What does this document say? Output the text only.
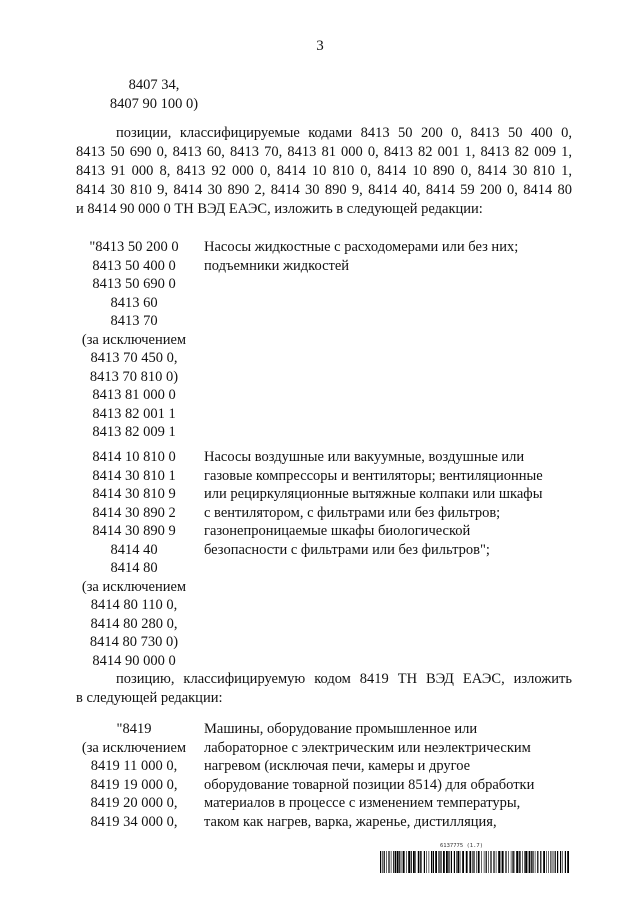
3
8407 34,
8407 90 100 0)
позиции, классифицируемые кодами 8413 50 200 0, 8413 50 400 0,
8413 50 690 0, 8413 60, 8413 70, 8413 81 000 0, 8413 82 001 1, 8413 82 009 1,
8413 91 000 8, 8413 92 000 0, 8414 10 810 0, 8414 10 890 0, 8414 30 810 1,
8414 30 810 9, 8414 30 890 2, 8414 30 890 9, 8414 40, 8414 59 200 0, 8414 80
и 8414 90 000 0 ТН ВЭД ЕАЭС, изложить в следующей редакции:
"8413 50 200 0
8413 50 400 0
8413 50 690 0
8413 60
8413 70
(за исключением
8413 70 450 0,
8413 70 810 0)
8413 81 000 0
8413 82 001 1
8413 82 009 1
Насосы жидкостные с расходомерами или без них;
подъемники жидкостей
8414 10 810 0
8414 30 810 1
8414 30 810 9
8414 30 890 2
8414 30 890 9
8414 40
8414 80
(за исключением
8414 80 110 0,
8414 80 280 0,
8414 80 730 0)
8414 90 000 0
Насосы воздушные или вакуумные, воздушные или
газовые компрессоры и вентиляторы; вентиляционные
или рециркуляционные вытяжные колпаки или шкафы
с вентилятором, с фильтрами или без фильтров;
газонепроницаемые шкафы биологической
безопасности с фильтрами или без фильтров";
позицию, классифицируемую кодом 8419 ТН ВЭД ЕАЭС, изложить
в следующей редакции:
"8419
(за исключением
8419 11 000 0,
8419 19 000 0,
8419 20 000 0,
8419 34 000 0,
Машины, оборудование промышленное или
лабораторное с электрическим или неэлектрическим
нагревом (исключая печи, камеры и другое
оборудование товарной позиции 8514) для обработки
материалов в процессе с изменением температуры,
таком как нагрев, варка, жаренье, дистилляция,
6137775 (1.7)
